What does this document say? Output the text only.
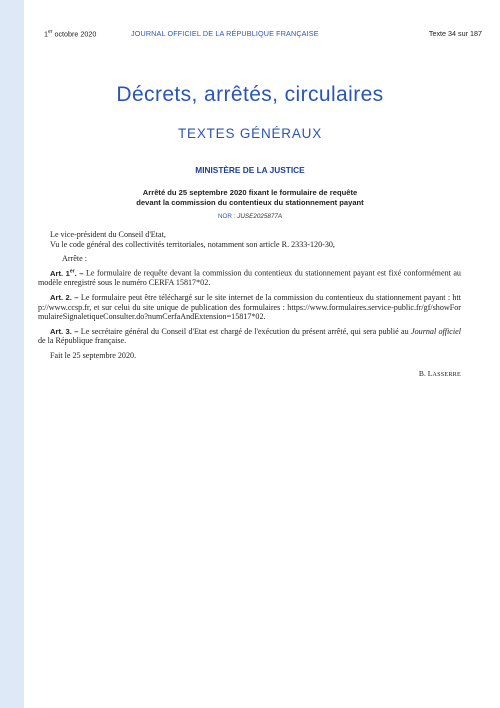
1er octobre 2020	JOURNAL OFFICIEL DE LA RÉPUBLIQUE FRANÇAISE	Texte 34 sur 187
Décrets, arrêtés, circulaires
TEXTES GÉNÉRAUX
MINISTÈRE DE LA JUSTICE
Arrêté du 25 septembre 2020 fixant le formulaire de requête
devant la commission du contentieux du stationnement payant
NOR : JUSE2025877A

Le vice-président du Conseil d'Etat,

Vu le code général des collectivités territoriales, notamment son article R. 2333-120-30,

Arrête :

Art. 1er. – Le formulaire de requête devant la commission du contentieux du stationnement payant est fixé conformément au modèle enregistré sous le numéro CERFA 15817*02.

Art. 2. – Le formulaire peut être téléchargé sur le site internet de la commission du contentieux du stationnement payant : http://www.ccsp.fr, et sur celui du site unique de publication des formulaires : https://www.formulaires.service-public.fr/gf/showFormulaireSignaletiqueConsulter.do?numCerfaAndExtension=15817*02.

Art. 3. – Le secrétaire général du Conseil d'Etat est chargé de l'exécution du présent arrêté, qui sera publié au Journal officiel de la République française.

Fait le 25 septembre 2020.

B. LASSERRE
